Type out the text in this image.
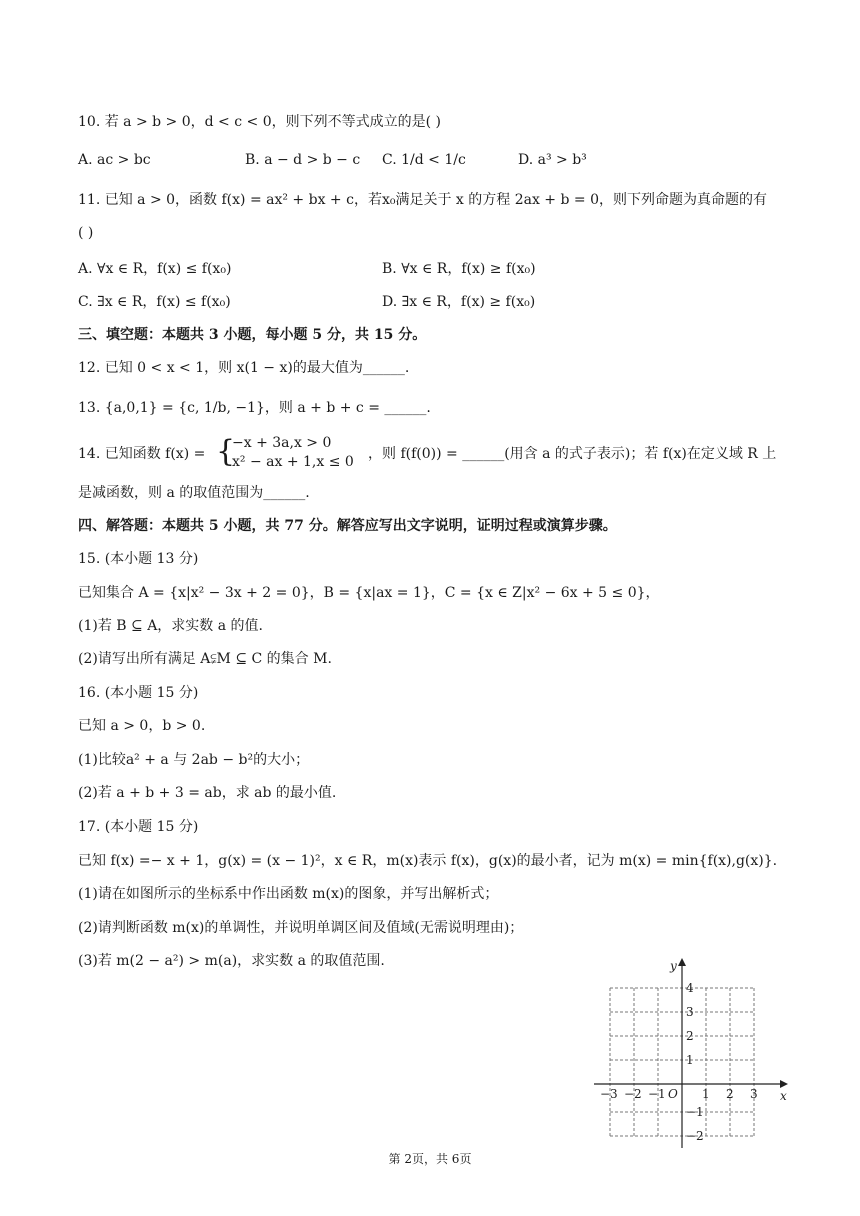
10. 若 a > b > 0，d < c < 0，则下列不等式成立的是( )
A. ac > bc	B. a − d > b − c C. 1/d < 1/c	D. a³ > b³
11. 已知 a > 0，函数 f(x) = ax² + bx + c，若x₀满足关于 x 的方程 2ax + b = 0，则下列命题为真命题的有
( )
A. ∀x ∈ R，f(x) ≤ f(x₀)	B. ∀x ∈ R，f(x) ≥ f(x₀)
C. ∃x ∈ R，f(x) ≤ f(x₀)	D. ∃x ∈ R，f(x) ≥ f(x₀)
三、填空题：本题共 3 小题，每小题 5 分，共 15 分。
12. 已知 0 < x < 1，则 x(1 − x)的最大值为______.
13. {a,0,1} = {c, 1/b, −1}，则 a + b + c = ______.
14. 已知函数 f(x) = {
−x + 3a,x > 0
x² − ax + 1,x ≤ 0 ，则 f(f(0)) = ______(用含 a 的式子表示)；若 f(x)在定义域 R 上
是减函数，则 a 的取值范围为______.
四、解答题：本题共 5 小题，共 77 分。解答应写出文字说明，证明过程或演算步骤。
15. (本小题 13 分)
已知集合 A = {x|x² − 3x + 2 = 0}，B = {x|ax = 1}，C = {x ∈ Z|x² − 6x + 5 ≤ 0}，
(1)若 B ⊆ A，求实数 a 的值.
(2)请写出所有满足 A⫋M ⊆ C 的集合 M.
16. (本小题 15 分)
已知 a > 0，b > 0.
(1)比较a² + a 与 2ab − b²的大小；
(2)若 a + b + 3 = ab，求 ab 的最小值.
17. (本小题 15 分)
已知 f(x) =− x + 1，g(x) = (x − 1)²，x ∈ R，m(x)表示 f(x)，g(x)的最小者，记为 m(x) = min{f(x),g(x)}.
(1)请在如图所示的坐标系中作出函数 m(x)的图象，并写出解析式；
(2)请判断函数 m(x)的单调性，并说明单调区间及值域(无需说明理由)；
(3)若 m(2 − a²) > m(a)，求实数 a 的取值范围.
x
y
O
−3 −2 −1	1 2 3
4
3
2
1
−1
−2
第 2页，共 6页
